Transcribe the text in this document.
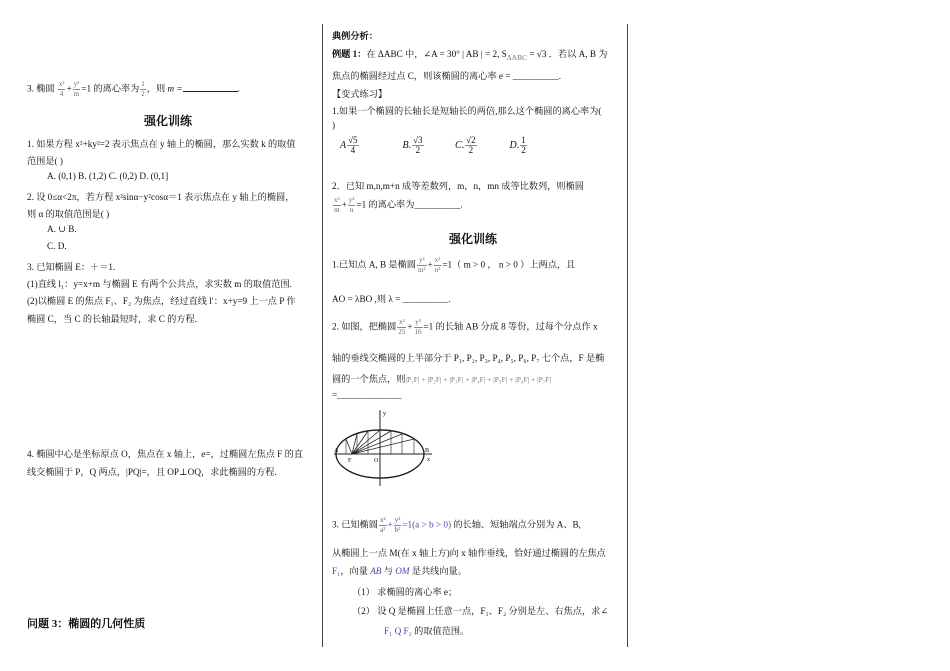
3. 椭圆 $\frac{\text{x²}}{4} + \frac{\text{y²}}{m} =1$ 的离心率为 $\frac{1}{2}$ ，则 m =	.
强化训练
1. 如果方程 x²+ky²=2 表示焦点在 y 轴上的椭圆，那么实数 k 的取值
范围是( )
A. (0,1) B. (1,2) C. (0,2) D. (0,1]
2. 设 0≤α<2π，若方程 x²sinα−y²cosα＝1 表示焦点在 y 轴上的椭圆，
则 α 的取值范围是( )
A. ∪ B.
C. D.
3. 已知椭圆 E：＋＝1.
(1)直线 l₁：y=x+m 与椭圆 E 有两个公共点，求实数 m 的取值范围.
(2)以椭圆 E 的焦点 F₁、F₂ 为焦点，经过直线 l′：x+y=9 上一点 P 作
椭圆 C，当 C 的长轴最短时，求 C 的方程.
4. 椭圆中心是坐标原点 O，焦点在 x 轴上，e=，过椭圆左焦点 F 的直
线交椭圆于 P，Q 两点，|PQ|=，且 OP⊥OQ，求此椭圆的方程.
问题 3：椭圆的几何性质
典例分析：
例题 1：在 ΔABC 中，∠A = 30° | AB | = 2, $S_{\Delta ABC} = √3$ ．若以 A, B 为
焦点的椭圆经过点 C，则该椭圆的离心率 e = __________.
【变式练习】
1.如果一个椭圆的长轴长是短轴长的两倍,那么这个椭圆的离心率为(
)
A $\frac{√5}{4}$	B. $\frac{√3}{2}$	C. $\frac{√2}{2}$	D. $\frac{1}{2}$
2．已知 m,n,m+n 成等差数列，m，n，mn 成等比数列，则椭圆
$\frac{\text{x²}}{m} + \frac{\text{y²}}{n} =1$ 的离心率为__________.
强化训练
1.已知点 A, B 是椭圆 $\frac{\text{y²}}{\text{m²}} + \frac{\text{x²}}{\text{n²}} =1$（ m > 0 ， n > 0 ）上两点，且
AO = λBO ,则 λ = __________.
2. 如图，把椭圆 $\frac{\text{x²}}{25} + \frac{\text{y²}}{16} =1$ 的长轴 AB 分成 8 等份，过每个分点作 x
轴的垂线交椭圆的上半部分于 P₁, P₂, P₃, P₄, P₅, P₆, P₇ 七个点，F 是椭
圆的一个焦点，则|P₁F| + |P₂F| + |P₃F| + |P₄F| + |P₅F| + |P₆F| + |P₇F|
=______________
y
O
F
A	B
x
3. 已知椭圆 $\frac{\text{x²}}{\text{a²}} + \frac{\text{y²}}{\text{b²}} =1(a > b > 0)$ 的长轴、短轴端点分别为 A、B,
从椭圆上一点 M(在 x 轴上方)向 x 轴作垂线，恰好通过椭圆的左焦点
F₁，向量 AB 与 OM 是共线向量。
（1） 求椭圆的离心率 e；
（2） 设 Q 是椭圆上任意一点，F₁、F₂ 分别是左、右焦点，求∠
F₁ Q F₂ 的取值范围。
